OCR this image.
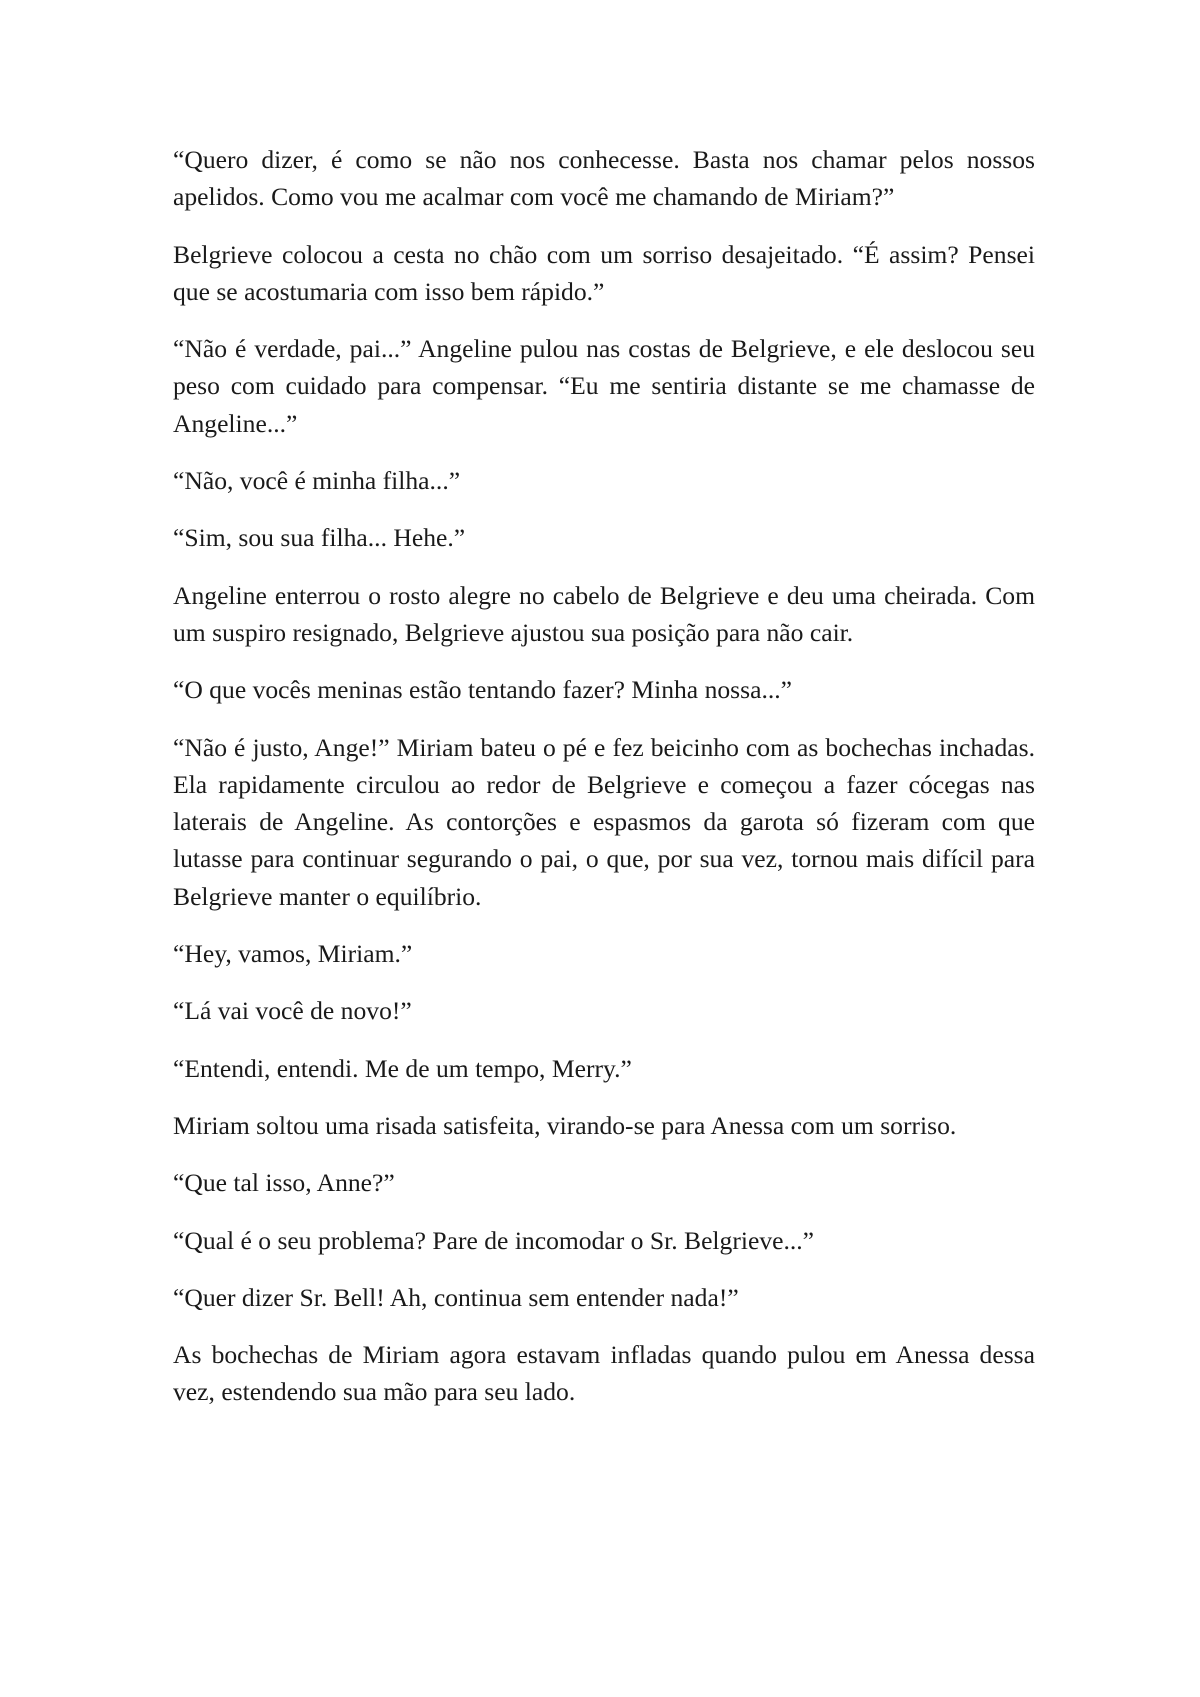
“Quero dizer, é como se não nos conhecesse. Basta nos chamar pelos nossos apelidos. Como vou me acalmar com você me chamando de Miriam?”

Belgrieve colocou a cesta no chão com um sorriso desajeitado. “É assim? Pensei que se acostumaria com isso bem rápido.”

“Não é verdade, pai...” Angeline pulou nas costas de Belgrieve, e ele deslocou seu peso com cuidado para compensar. “Eu me sentiria distante se me chamasse de Angeline...”

“Não, você é minha filha...”

“Sim, sou sua filha... Hehe.”

Angeline enterrou o rosto alegre no cabelo de Belgrieve e deu uma cheirada. Com um suspiro resignado, Belgrieve ajustou sua posição para não cair.

“O que vocês meninas estão tentando fazer? Minha nossa...”

“Não é justo, Ange!” Miriam bateu o pé e fez beicinho com as bochechas inchadas. Ela rapidamente circulou ao redor de Belgrieve e começou a fazer cócegas nas laterais de Angeline. As contorções e espasmos da garota só fizeram com que lutasse para continuar segurando o pai, o que, por sua vez, tornou mais difícil para Belgrieve manter o equilíbrio.

“Hey, vamos, Miriam.”

“Lá vai você de novo!”

“Entendi, entendi. Me de um tempo, Merry.”

Miriam soltou uma risada satisfeita, virando-se para Anessa com um sorriso.

“Que tal isso, Anne?”

“Qual é o seu problema? Pare de incomodar o Sr. Belgrieve...”

“Quer dizer Sr. Bell! Ah, continua sem entender nada!”

As bochechas de Miriam agora estavam infladas quando pulou em Anessa dessa vez, estendendo sua mão para seu lado.
